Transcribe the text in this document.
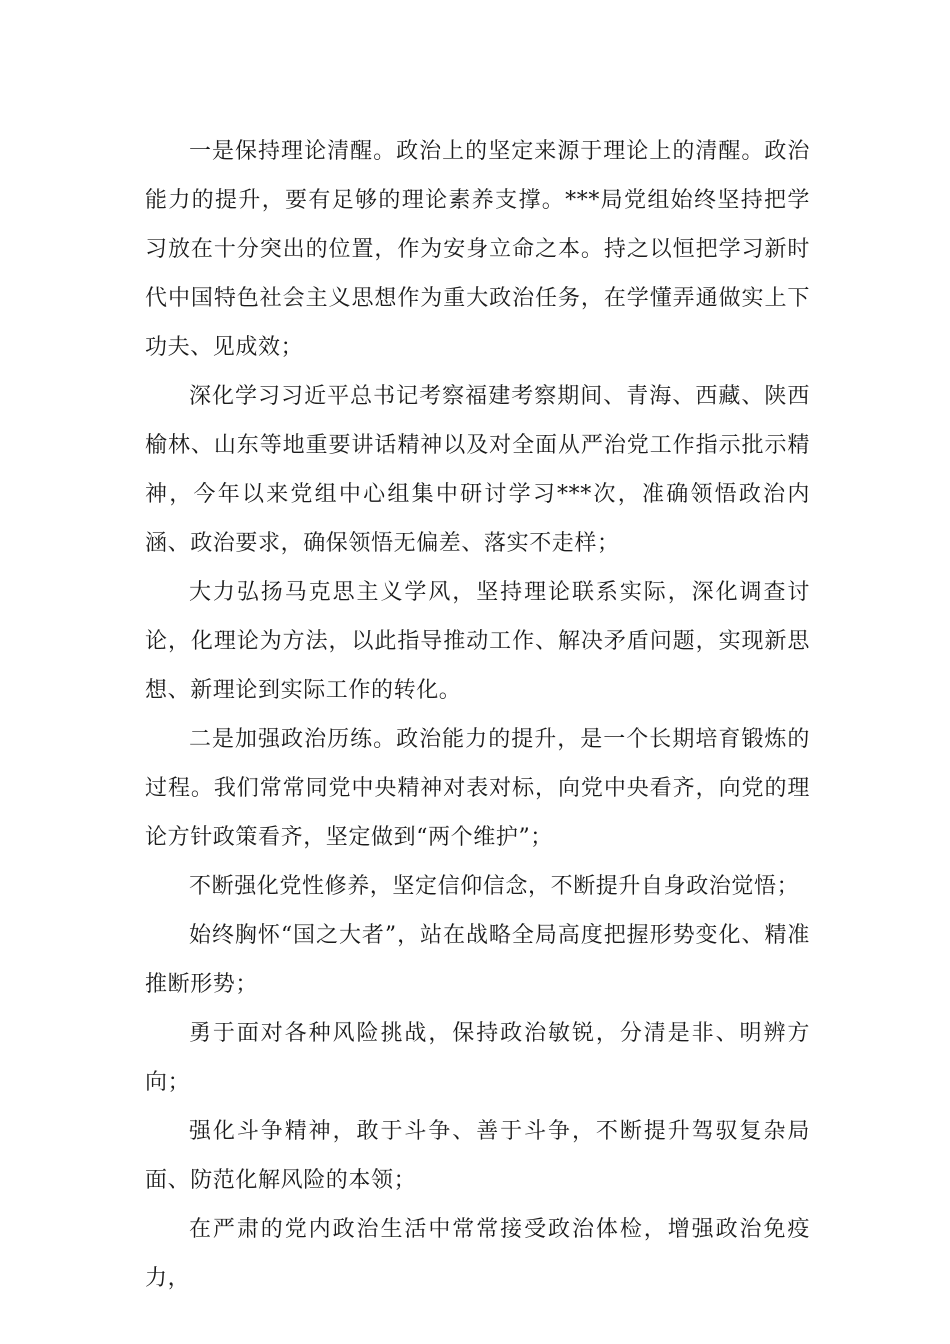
一是保持理论清醒。政治上的坚定来源于理论上的清醒。政治能力的提升，要有足够的理论素养支撑。***局党组始终坚持把学习放在十分突出的位置，作为安身立命之本。持之以恒把学习新时代中国特色社会主义思想作为重大政治任务，在学懂弄通做实上下功夫、见成效；

深化学习习近平总书记考察福建考察期间、青海、西藏、陕西榆林、山东等地重要讲话精神以及对全面从严治党工作指示批示精神，今年以来党组中心组集中研讨学习***次，准确领悟政治内涵、政治要求，确保领悟无偏差、落实不走样；

大力弘扬马克思主义学风，坚持理论联系实际，深化调查讨论，化理论为方法，以此指导推动工作、解决矛盾问题，实现新思想、新理论到实际工作的转化。

二是加强政治历练。政治能力的提升，是一个长期培育锻炼的过程。我们常常同党中央精神对表对标，向党中央看齐，向党的理论方针政策看齐，坚定做到“两个维护”；

不断强化党性修养，坚定信仰信念，不断提升自身政治觉悟；

始终胸怀“国之大者”，站在战略全局高度把握形势变化、精准推断形势；

勇于面对各种风险挑战，保持政治敏锐，分清是非、明辨方向；

强化斗争精神，敢于斗争、善于斗争，不断提升驾驭复杂局面、防范化解风险的本领；

在严肃的党内政治生活中常常接受政治体检，增强政治免疫力，
